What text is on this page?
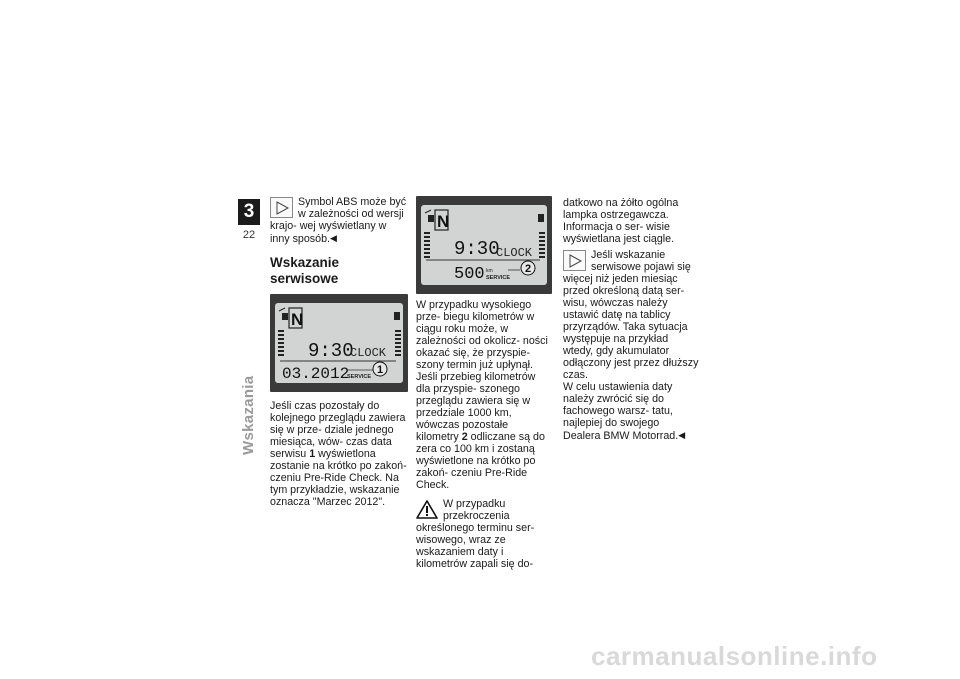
3
22
Wskazania

Symbol ABS może być w zależności od wersji krajo- wej wyświetlany w inny sposób.◀

Wskazanie serwisowe
N
9:30
CLOCK
03.2012
SERVICE
1

Jeśli czas pozostały do kolejnego przeglądu zawiera się w prze- dziale jednego miesiąca, wów- czas data serwisu 1 wyświetlona zostanie na krótko po zakoń- czeniu Pre-Ride Check. Na tym przykładzie, wskazanie oznacza "Marzec 2012".

N
9:30
CLOCK
500 km
SERVICE
2

W przypadku wysokiego prze- biegu kilometrów w ciągu roku może, w zależności od okolicz- ności okazać się, że przyspie- szony termin już upłynął. Jeśli przebieg kilometrów dla przyspie- szonego przeglądu zawiera się w przedziale 1000 km, wówczas pozostałe kilometry 2 odliczane są do zera co 100 km i zostaną wyświetlone na krótko po zakoń- czeniu Pre-Ride Check.

W przypadku przekroczenia określonego terminu ser- wisowego, wraz ze wskazaniem daty i kilometrów zapali się do-

datkowo na żółto ogólna lampka ostrzegawcza. Informacja o ser- wisie wyświetlana jest ciągle.

Jeśli wskazanie serwisowe pojawi się więcej niż jeden miesiąc przed określoną datą ser- wisu, wówczas należy ustawić datę na tablicy przyrządów. Taka sytuacja występuje na przykład wtedy, gdy akumulator odłączony jest przez dłuższy czas.

W celu ustawienia daty należy zwrócić się do fachowego warsz- tatu, najlepiej do swojego Dealera BMW Motorrad.◀

carmanualsonline.info
